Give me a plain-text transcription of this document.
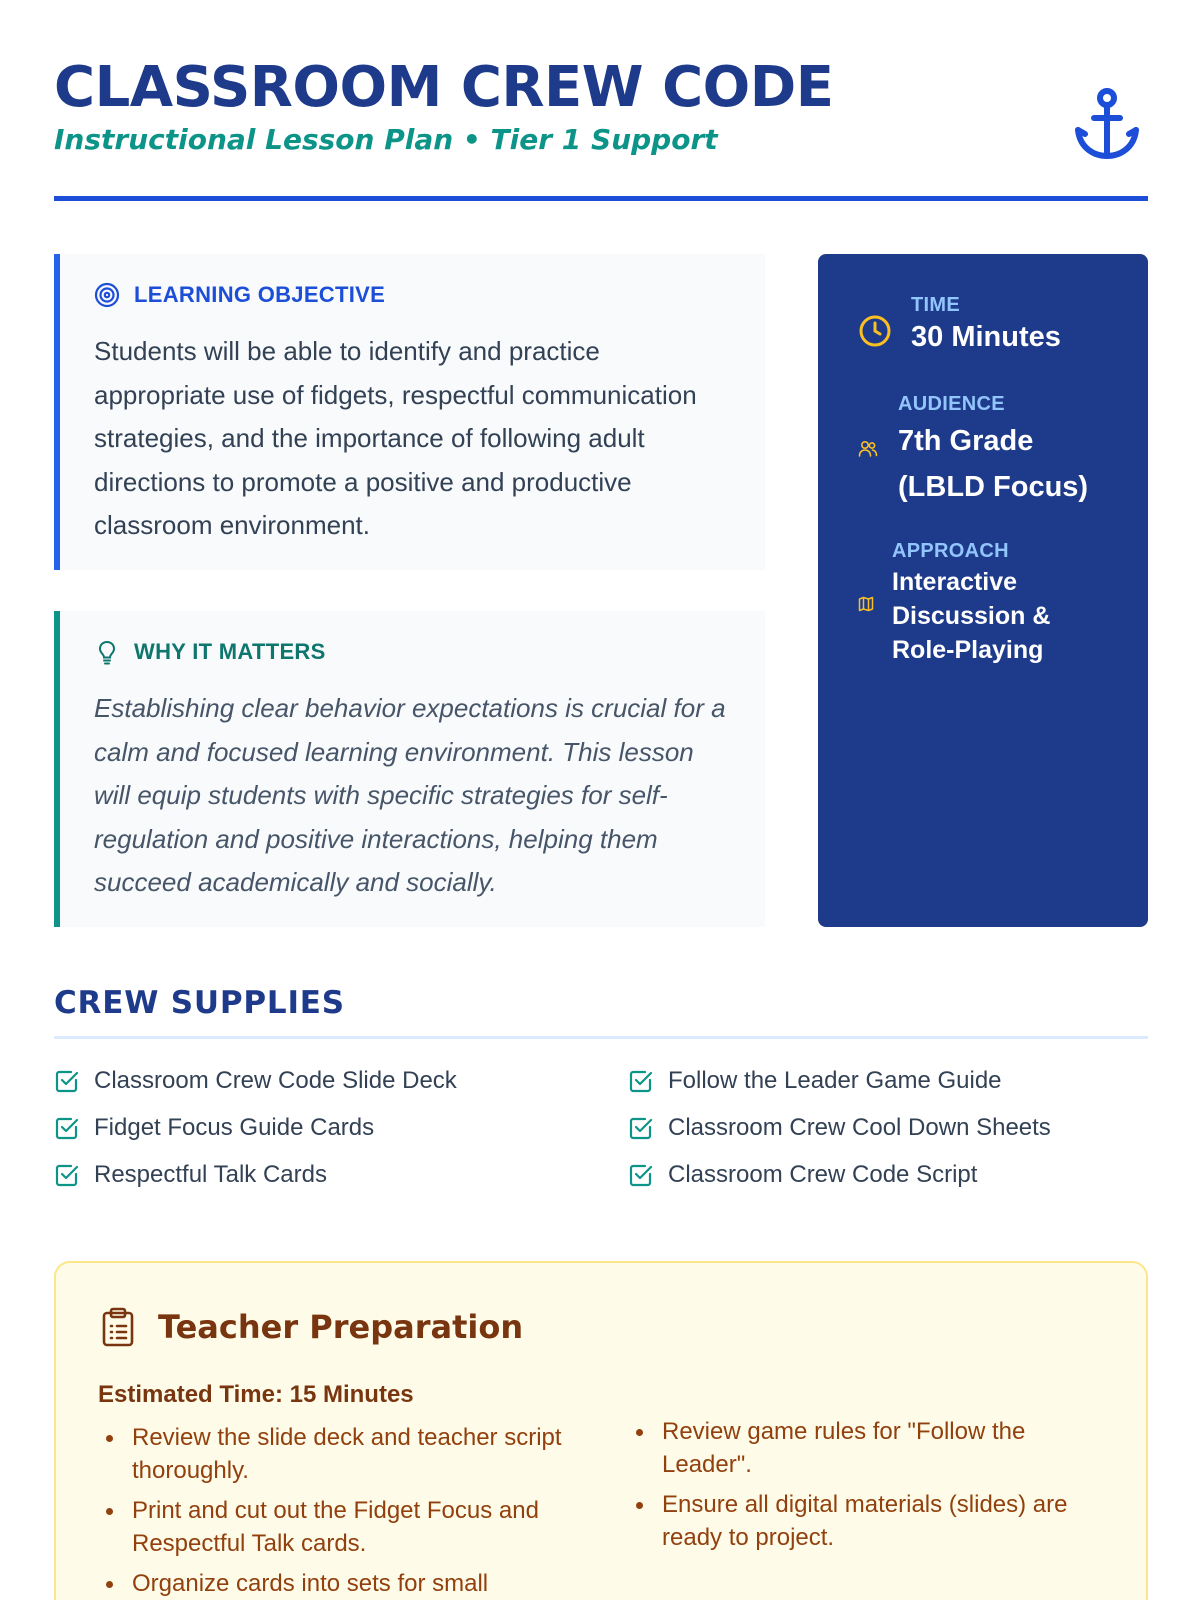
CLASSROOM CREW CODE
Instructional Lesson Plan • Tier 1 Support
LEARNING OBJECTIVE
Students will be able to identify and practice appropriate use of fidgets, respectful communication strategies, and the importance of following adult directions to promote a positive and productive classroom environment.
WHY IT MATTERS
Establishing clear behavior expectations is crucial for a calm and focused learning environment. This lesson will equip students with specific strategies for self-regulation and positive interactions, helping them succeed academically and socially.
TIME
30 Minutes
AUDIENCE
7th Grade
(LBLD Focus)
APPROACH
Interactive
Discussion &
Role-Playing
CREW SUPPLIES
Classroom Crew Code Slide Deck
Fidget Focus Guide Cards
Respectful Talk Cards
Follow the Leader Game Guide
Classroom Crew Cool Down Sheets
Classroom Crew Code Script
Teacher Preparation
Estimated Time: 15 Minutes
Review the slide deck and teacher script thoroughly.
Print and cut out the Fidget Focus and Respectful Talk cards.
Organize cards into sets for small
Review game rules for "Follow the Leader".
Ensure all digital materials (slides) are ready to project.
